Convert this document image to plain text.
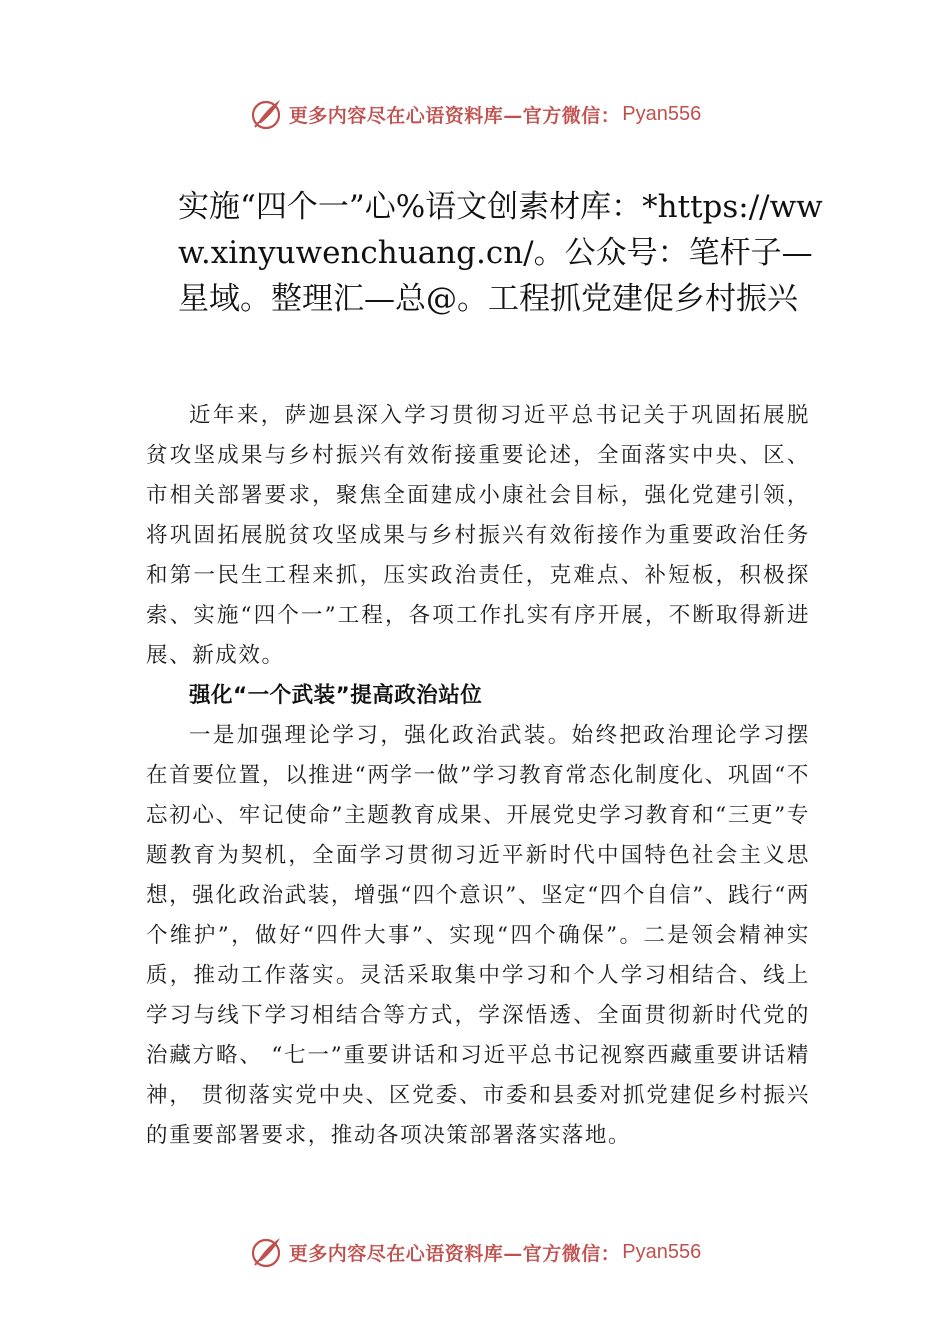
更多内容尽在心语资料库—官方微信： Pyan556
实施“四个一”心%语文创素材库：*https://www.xinyuwenchuang.cn/。公众号：笔杆子—星域。整理汇—总@。工程抓党建促乡村振兴

近年来，萨迦县深入学习贯彻习近平总书记关于巩固拓展脱贫攻坚成果与乡村振兴有效衔接重要论述，全面落实中央、区、市相关部署要求，聚焦全面建成小康社会目标，强化党建引领，将巩固拓展脱贫攻坚成果与乡村振兴有效衔接作为重要政治任务和第一民生工程来抓，压实政治责任，克难点、补短板，积极探索、实施“四个一”工程，各项工作扎实有序开展，不断取得新进展、新成效。

强化“一个武装”提高政治站位

一是加强理论学习，强化政治武装。始终把政治理论学习摆在首要位置，以推进“两学一做”学习教育常态化制度化、巩固“不忘初心、牢记使命”主题教育成果、开展党史学习教育和“三更”专题教育为契机，全面学习贯彻习近平新时代中国特色社会主义思想，强化政治武装，增强“四个意识”、坚定“四个自信”、践行“两个维护”，做好“四件大事”、实现“四个确保”。二是领会精神实质，推动工作落实。灵活采取集中学习和个人学习相结合、线上学习与线下学习相结合等方式，学深悟透、全面贯彻新时代党的治藏方略、 “七一”重要讲话和习近平总书记视察西藏重要讲话精神， 贯彻落实党中央、区党委、市委和县委对抓党建促乡村振兴的重要部署要求，推动各项决策部署落实落地。

更多内容尽在心语资料库—官方微信： Pyan556
